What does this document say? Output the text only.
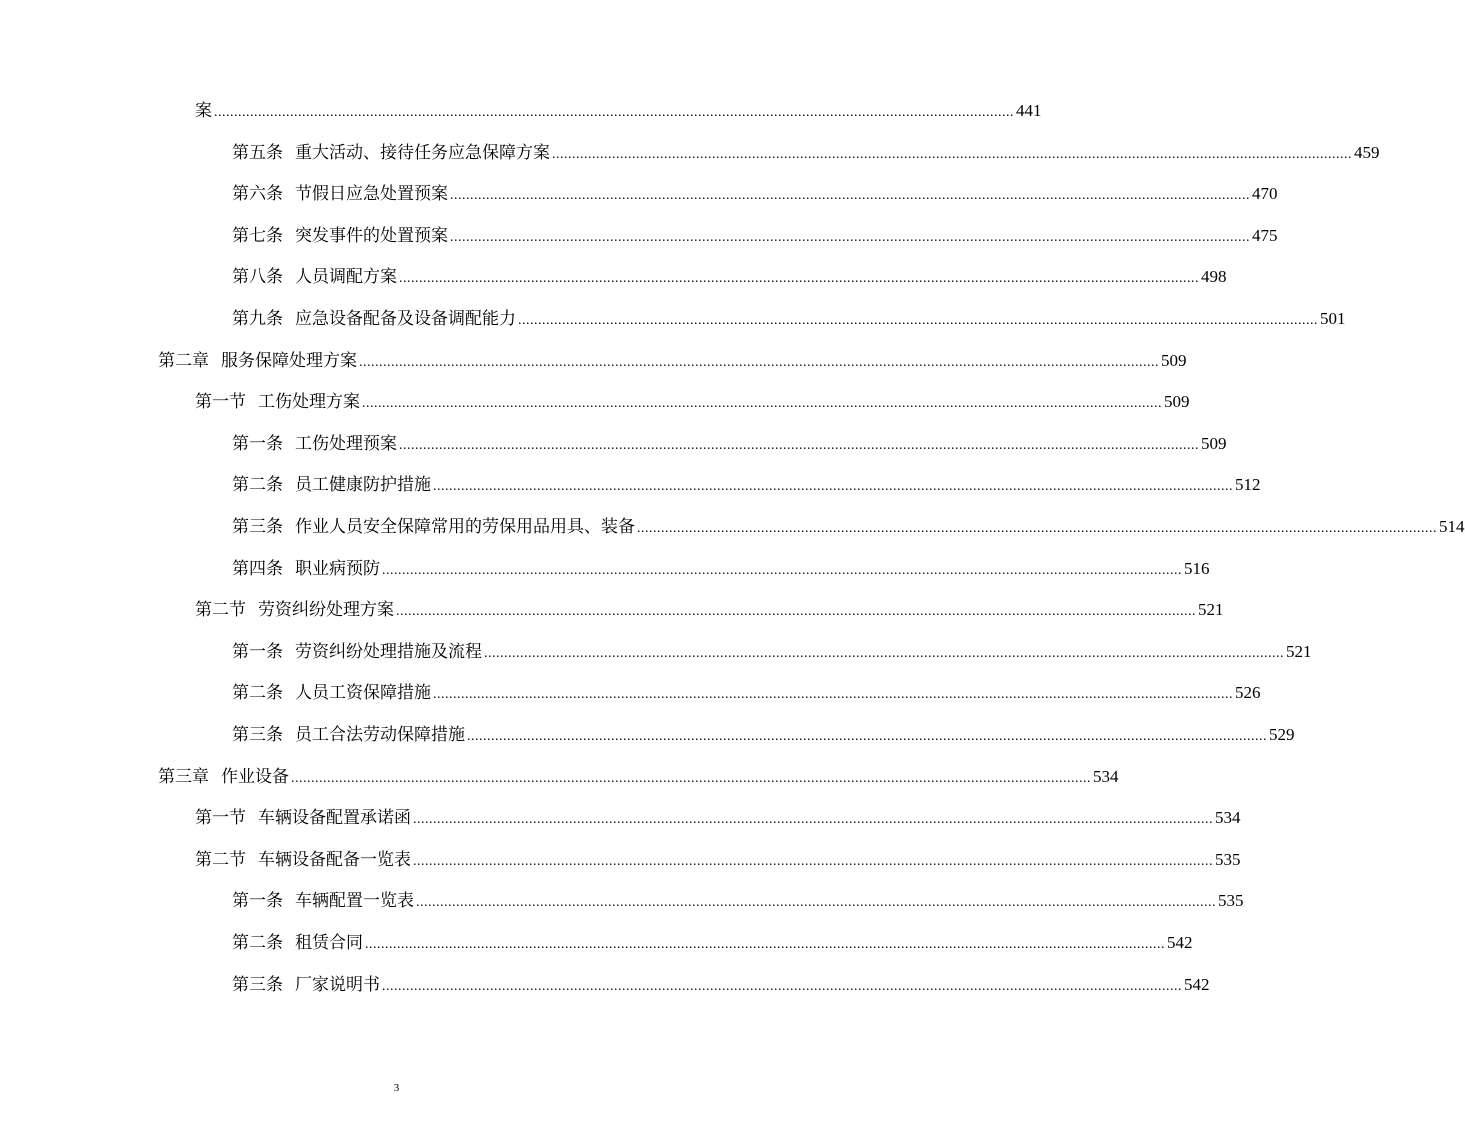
案 ........................................................................................................................................................................................................ 441
第五条 重大活动、接待任务应急保障方案 ........................................................................................................................................................................................................ 459
第六条 节假日应急处置预案 ........................................................................................................................................................................................................ 470
第七条 突发事件的处置预案 ........................................................................................................................................................................................................ 475
第八条 人员调配方案 ........................................................................................................................................................................................................ 498
第九条 应急设备配备及设备调配能力 ........................................................................................................................................................................................................ 501
第二章 服务保障处理方案 ........................................................................................................................................................................................................ 509
第一节 工伤处理方案 ........................................................................................................................................................................................................ 509
第一条 工伤处理预案 ........................................................................................................................................................................................................ 509
第二条 员工健康防护措施 ........................................................................................................................................................................................................ 512
第三条 作业人员安全保障常用的劳保用品用具、装备 ........................................................................................................................................................................................................ 514
第四条 职业病预防 ........................................................................................................................................................................................................ 516
第二节 劳资纠纷处理方案 ........................................................................................................................................................................................................ 521
第一条 劳资纠纷处理措施及流程 ........................................................................................................................................................................................................ 521
第二条 人员工资保障措施 ........................................................................................................................................................................................................ 526
第三条 员工合法劳动保障措施 ........................................................................................................................................................................................................ 529
第三章 作业设备 ........................................................................................................................................................................................................ 534
第一节 车辆设备配置承诺函 ........................................................................................................................................................................................................ 534
第二节 车辆设备配备一览表 ........................................................................................................................................................................................................ 535
第一条 车辆配置一览表 ........................................................................................................................................................................................................ 535
第二条 租赁合同 ........................................................................................................................................................................................................ 542
第三条 厂家说明书 ........................................................................................................................................................................................................ 542
3
